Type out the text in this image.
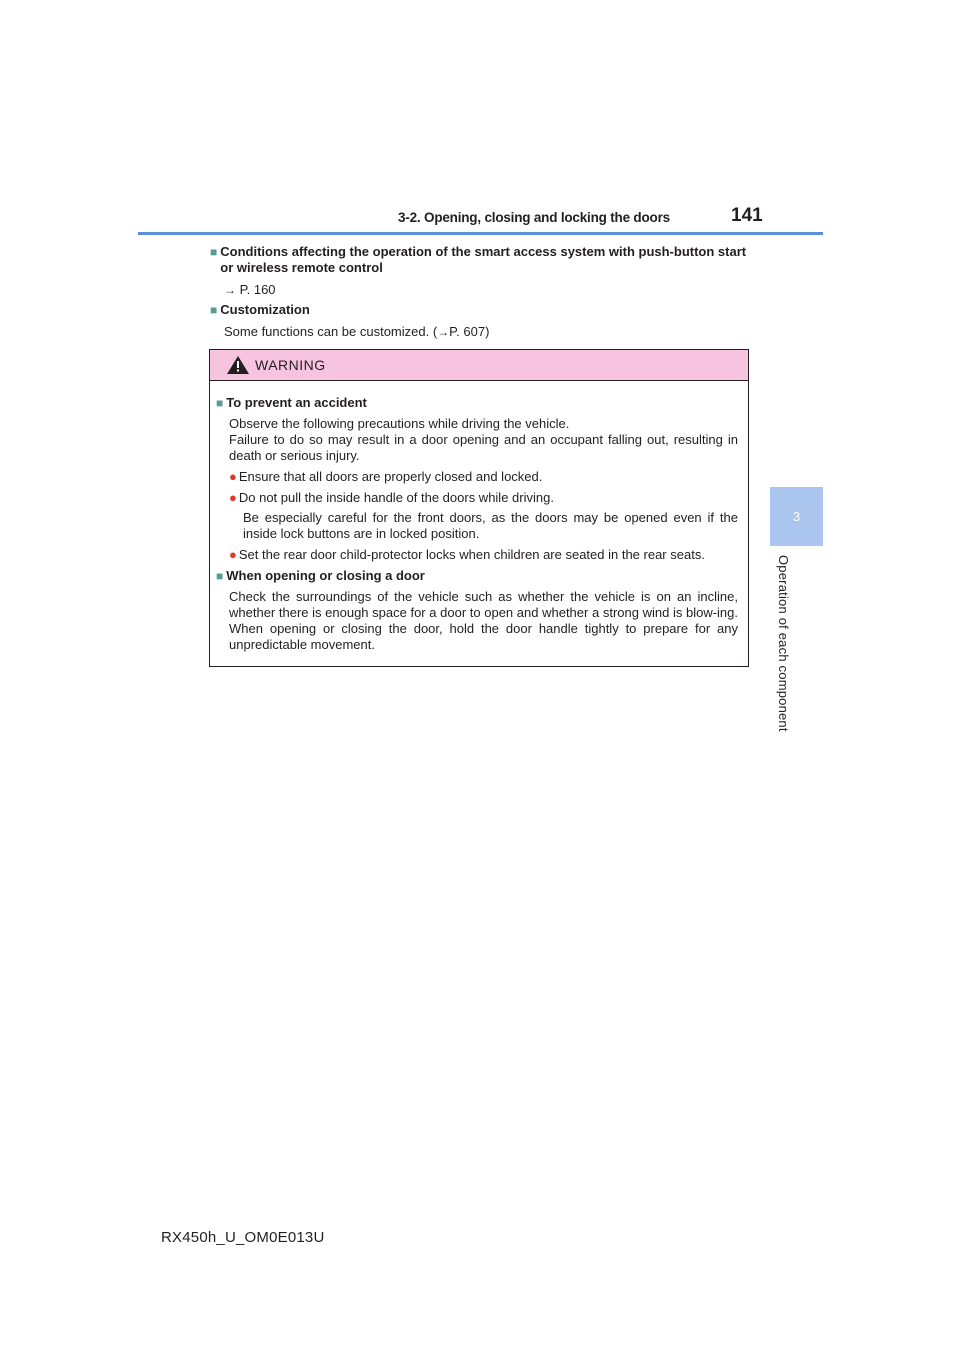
3-2. Opening, closing and locking the doors	141
3
Operation of each component
■ Conditions affecting the operation of the smart access system with push-button start or wireless remote control
→ P. 160
■ Customization
Some functions can be customized. (→P. 607)
WARNING
■ To prevent an accident
Observe the following precautions while driving the vehicle.
Failure to do so may result in a door opening and an occupant falling out, resulting in death or serious injury.
● Ensure that all doors are properly closed and locked.
● Do not pull the inside handle of the doors while driving.
Be especially careful for the front doors, as the doors may be opened even if the inside lock buttons are in locked position.
● Set the rear door child-protector locks when children are seated in the rear seats.
■ When opening or closing a door
Check the surroundings of the vehicle such as whether the vehicle is on an incline, whether there is enough space for a door to open and whether a strong wind is blow-ing. When opening or closing the door, hold the door handle tightly to prepare for any unpredictable movement.
RX450h_U_OM0E013U
